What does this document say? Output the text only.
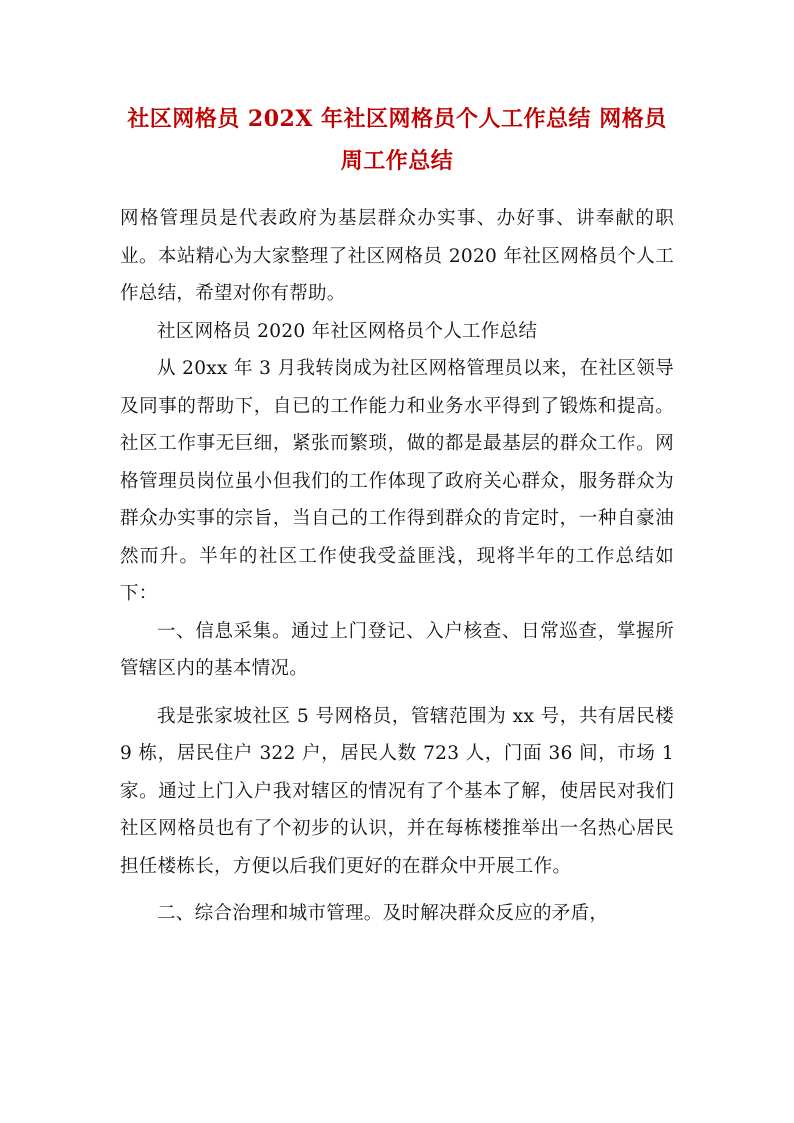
社区网格员 202X 年社区网格员个人工作总结 网格员周工作总结

网格管理员是代表政府为基层群众办实事、办好事、讲奉献的职业。本站精心为大家整理了社区网格员 2020 年社区网格员个人工作总结，希望对你有帮助。

社区网格员 2020 年社区网格员个人工作总结

从 20xx 年 3 月我转岗成为社区网格管理员以来，在社区领导及同事的帮助下，自已的工作能力和业务水平得到了锻炼和提高。社区工作事无巨细，紧张而繁琐，做的都是最基层的群众工作。网格管理员岗位虽小但我们的工作体现了政府关心群众，服务群众为群众办实事的宗旨，当自己的工作得到群众的肯定时，一种自豪油然而升。半年的社区工作使我受益匪浅，现将半年的工作总结如下：

一、信息采集。通过上门登记、入户核查、日常巡查，掌握所管辖区内的基本情况。

我是张家坡社区 5 号网格员，管辖范围为 xx 号，共有居民楼 9 栋，居民住户 322 户，居民人数 723 人，门面 36 间，市场 1 家。通过上门入户我对辖区的情况有了个基本了解，使居民对我们社区网格员也有了个初步的认识，并在每栋楼推举出一名热心居民担任楼栋长，方便以后我们更好的在群众中开展工作。

二、综合治理和城市管理。及时解决群众反应的矛盾，
